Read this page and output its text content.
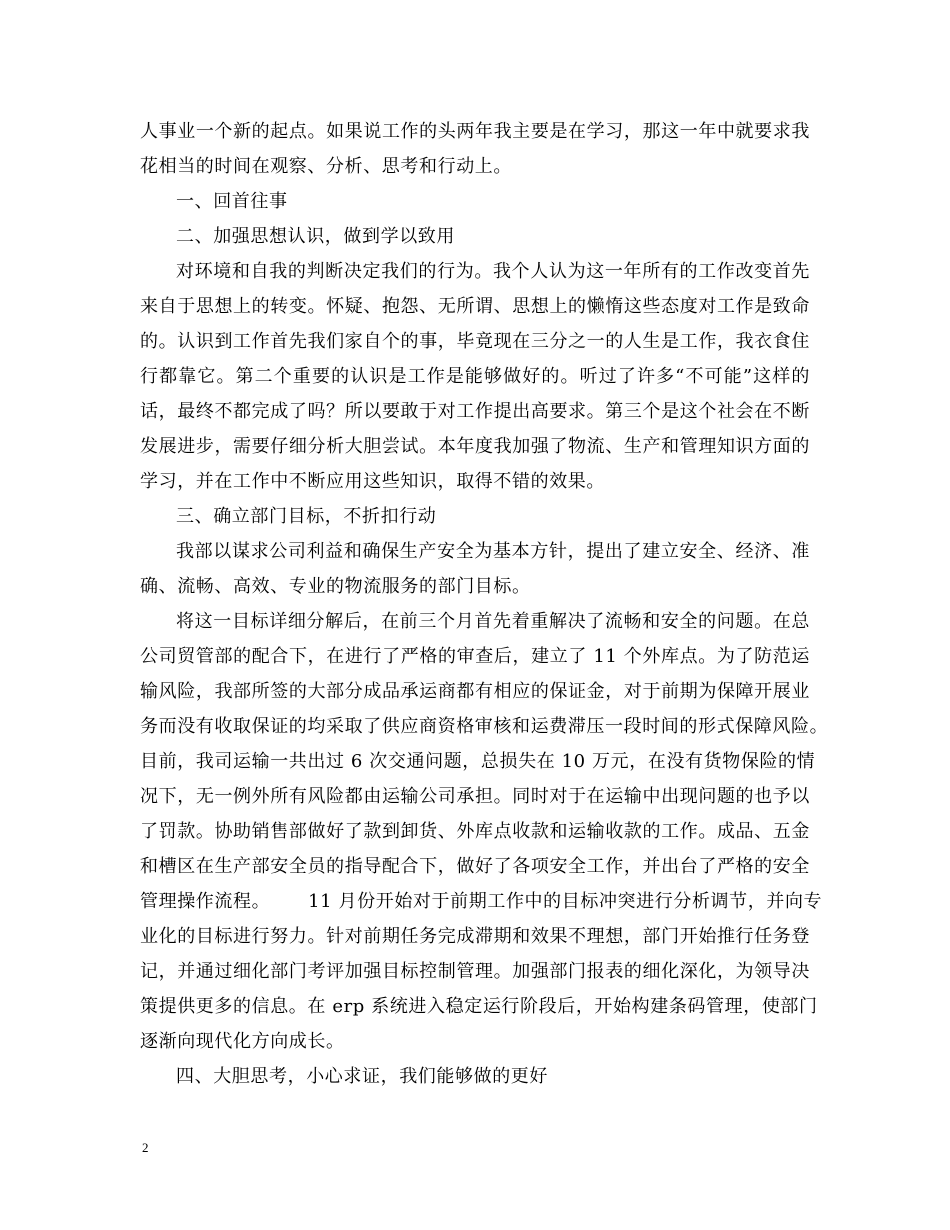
人事业一个新的起点。如果说工作的头两年我主要是在学习，那这一年中就要求我
花相当的时间在观察、分析、思考和行动上。
一、回首往事
二、加强思想认识，做到学以致用
对环境和自我的判断决定我们的行为。我个人认为这一年所有的工作改变首先
来自于思想上的转变。怀疑、抱怨、无所谓、思想上的懒惰这些态度对工作是致命
的。认识到工作首先我们家自个的事，毕竟现在三分之一的人生是工作，我衣食住
行都靠它。第二个重要的认识是工作是能够做好的。听过了许多“不可能”这样的
话，最终不都完成了吗？所以要敢于对工作提出高要求。第三个是这个社会在不断
发展进步，需要仔细分析大胆尝试。本年度我加强了物流、生产和管理知识方面的
学习，并在工作中不断应用这些知识，取得不错的效果。
三、确立部门目标，不折扣行动
我部以谋求公司利益和确保生产安全为基本方针，提出了建立安全、经济、准
确、流畅、高效、专业的物流服务的部门目标。
将这一目标详细分解后，在前三个月首先着重解决了流畅和安全的问题。在总
公司贸管部的配合下，在进行了严格的审查后，建立了 11 个外库点。为了防范运
输风险，我部所签的大部分成品承运商都有相应的保证金，对于前期为保障开展业
务而没有收取保证的均采取了供应商资格审核和运费滞压一段时间的形式保障风险。
目前，我司运输一共出过 6 次交通问题，总损失在 10 万元，在没有货物保险的情
况下，无一例外所有风险都由运输公司承担。同时对于在运输中出现问题的也予以
了罚款。协助销售部做好了款到卸货、外库点收款和运输收款的工作。成品、五金
和槽区在生产部安全员的指导配合下，做好了各项安全工作，并出台了严格的安全
管理操作流程。      11 月份开始对于前期工作中的目标冲突进行分析调节，并向专
业化的目标进行努力。针对前期任务完成滞期和效果不理想，部门开始推行任务登
记，并通过细化部门考评加强目标控制管理。加强部门报表的细化深化，为领导决
策提供更多的信息。在 erp 系统进入稳定运行阶段后，开始构建条码管理，使部门
逐渐向现代化方向成长。
四、大胆思考，小心求证，我们能够做的更好
2
